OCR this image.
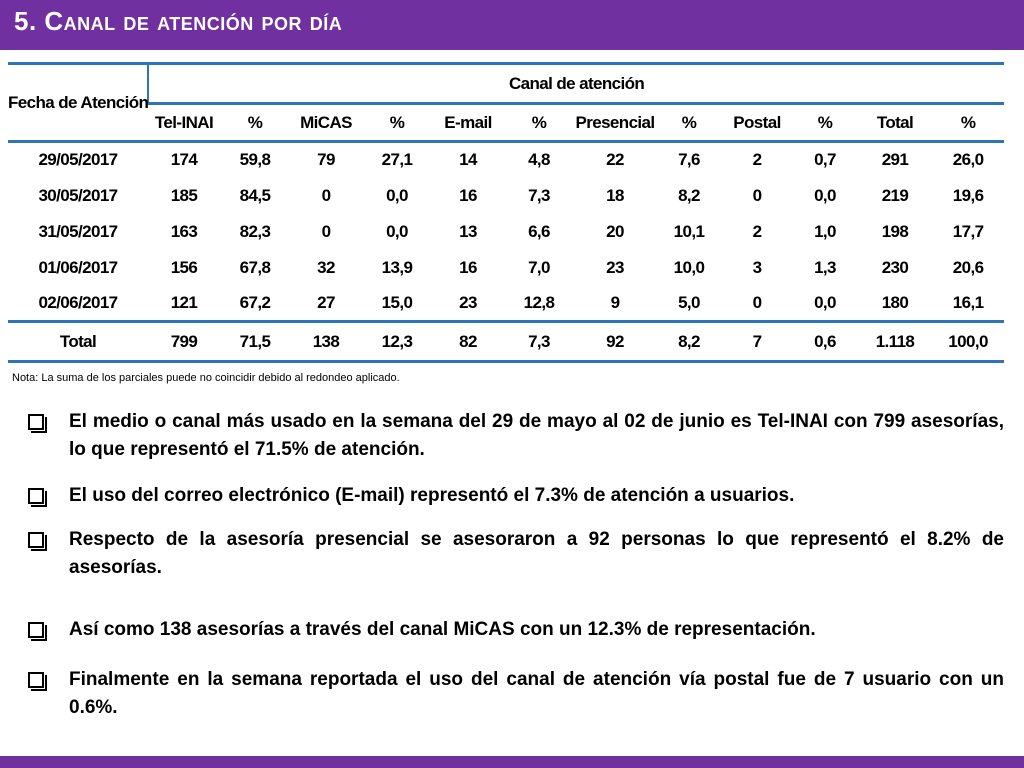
5. Canal de atención por día
Fecha de Atención	Canal de atención											
	Tel-INAI	%	MiCAS	%	E-mail	%	Presencial	%	Postal	%	Total	%
29/05/2017	174	59,8	79	27,1	14	4,8	22	7,6	2	0,7	291	26,0
30/05/2017	185	84,5	0	0,0	16	7,3	18	8,2	0	0,0	219	19,6
31/05/2017	163	82,3	0	0,0	13	6,6	20	10,1	2	1,0	198	17,7
01/06/2017	156	67,8	32	13,9	16	7,0	23	10,0	3	1,3	230	20,6
02/06/2017	121	67,2	27	15,0	23	12,8	9	5,0	0	0,0	180	16,1
Total	799	71,5	138	12,3	82	7,3	92	8,2	7	0,6	1.118	100,0
Nota: La suma de los parciales puede no coincidir debido al redondeo aplicado.
El medio o canal más usado en la semana del 29 de mayo al 02 de junio es Tel-INAI con 799 asesorías, lo que representó el 71.5% de atención.
El uso del correo electrónico (E-mail) representó el 7.3% de atención a usuarios.
Respecto de la asesoría presencial se asesoraron a 92 personas lo que representó el 8.2% de asesorías.
Así como 138 asesorías a través del canal MiCAS con un 12.3% de representación.
Finalmente en la semana reportada el uso del canal de atención vía postal fue de 7 usuario con un 0.6%.
